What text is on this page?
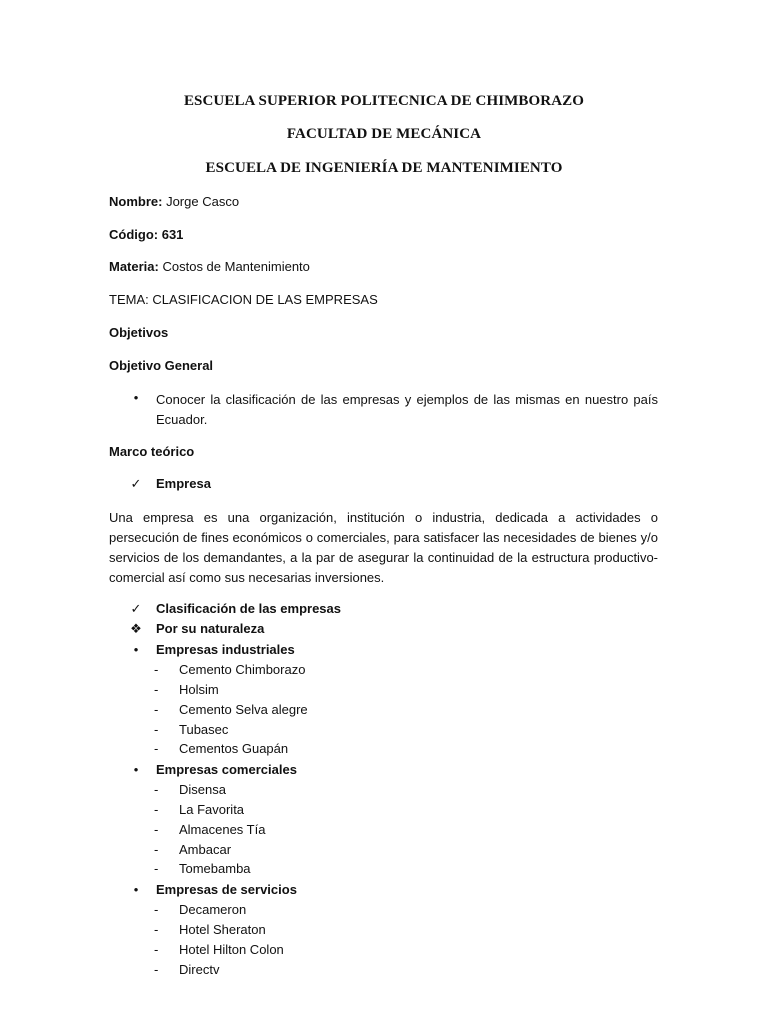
ESCUELA SUPERIOR POLITECNICA DE CHIMBORAZO
FACULTAD DE MECÁNICA
ESCUELA DE INGENIERÍA DE MANTENIMIENTO
Nombre: Jorge Casco
Código: 631
Materia: Costos de Mantenimiento
TEMA: CLASIFICACION DE LAS EMPRESAS
Objetivos
Objetivo General
•	Conocer la clasificación de las empresas y ejemplos de las mismas en nuestro país Ecuador.
Marco teórico
✓ Empresa
Una empresa es una organización, institución o industria, dedicada a actividades o persecución de fines económicos o comerciales, para satisfacer las necesidades de bienes y/o servicios de los demandantes, a la par de asegurar la continuidad de la estructura productivo-comercial así como sus necesarias inversiones.
✓ Clasificación de las empresas
❖ Por su naturaleza
•	Empresas industriales
- Cemento Chimborazo
- Holsim
- Cemento Selva alegre
- Tubasec
- Cementos Guapán
•	Empresas comerciales
- Disensa
- La Favorita
- Almacenes Tía
- Ambacar
- Tomebamba
•	Empresas de servicios
- Decameron
- Hotel Sheraton
- Hotel Hilton Colon
- Directv
